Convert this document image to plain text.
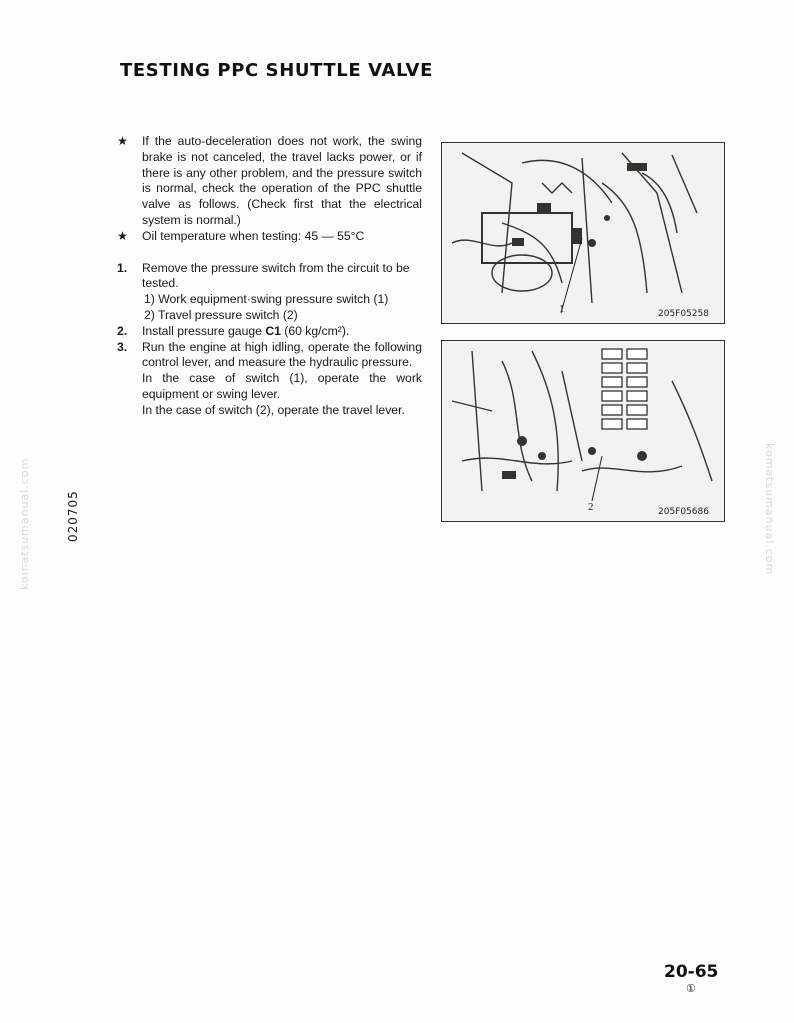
TESTING PPC SHUTTLE VALVE
★ If the auto-deceleration does not work, the swing brake is not canceled, the travel lacks power, or if there is any other problem, and the pressure switch is normal, check the operation of the PPC shuttle valve as follows. (Check first that the electrical system is normal.)
★ Oil temperature when testing: 45 — 55°C
1. Remove the pressure switch from the circuit to be tested.
1) Work equipment·swing pressure switch (1)
2) Travel pressure switch (2)
2. Install pressure gauge C1 (60 kg/cm²).
3. Run the engine at high idling, operate the following control lever, and measure the hydraulic pressure.
In the case of switch (1), operate the work equipment or swing lever.
In the case of switch (2), operate the travel lever.
1	205F05258
2	205F05686
020705
komatsumanual.com	komatsumanual.com
20-65
①
